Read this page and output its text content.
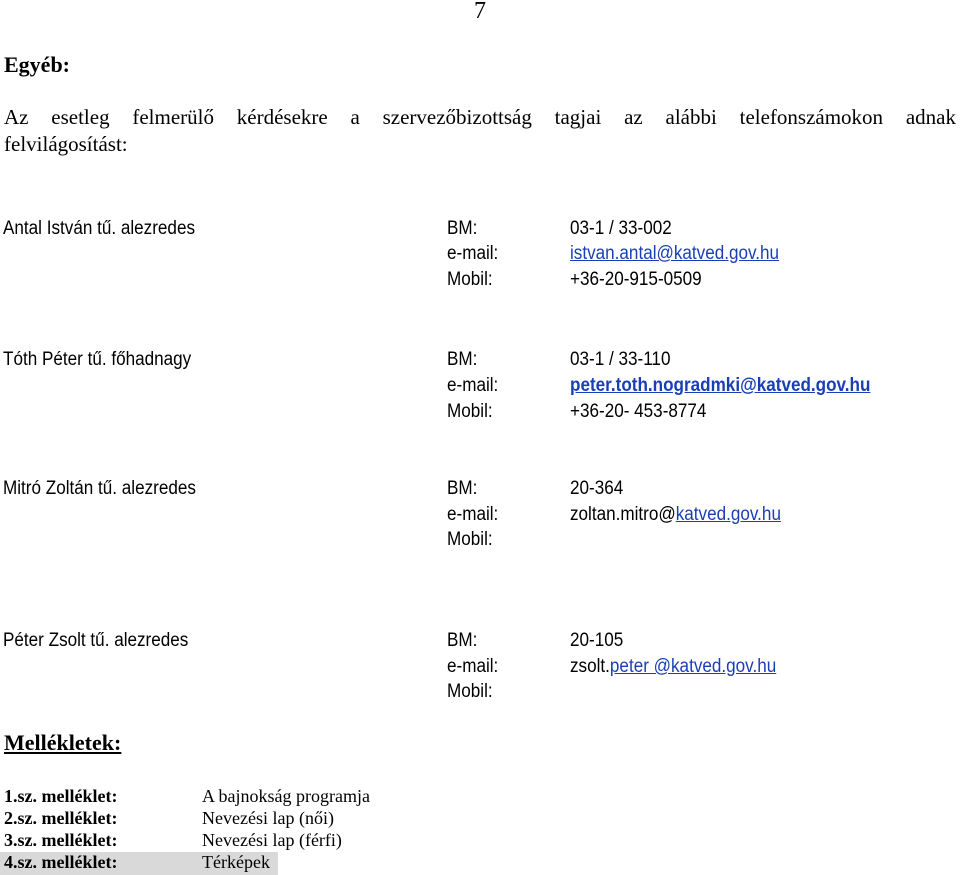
7
Egyéb:
Az esetleg felmerülő kérdésekre a szervezőbizottság tagjai az alábbi telefonszámokon adnak
felvilágosítást:
Antal István tű. alezredes	BM:	03-1 / 33-002
e-mail:	istvan.antal@katved.gov.hu
Mobil:	+36-20-915-0509
Tóth Péter tű. főhadnagy	BM:	03-1 / 33-110
e-mail:	peter.toth.nogradmki@katved.gov.hu
Mobil:	+36-20- 453-8774
Mitró Zoltán tű. alezredes	BM:	20-364
e-mail:	zoltan.mitro@katved.gov.hu
Mobil:
Péter Zsolt tű. alezredes	BM:	20-105
e-mail:	zsolt.peter @katved.gov.hu
Mobil:
Mellékletek:
1.sz. melléklet:	A bajnokság programja
2.sz. melléklet:	Nevezési lap (női)
3.sz. melléklet:	Nevezési lap (férfi)
4.sz. melléklet:	Térképek
